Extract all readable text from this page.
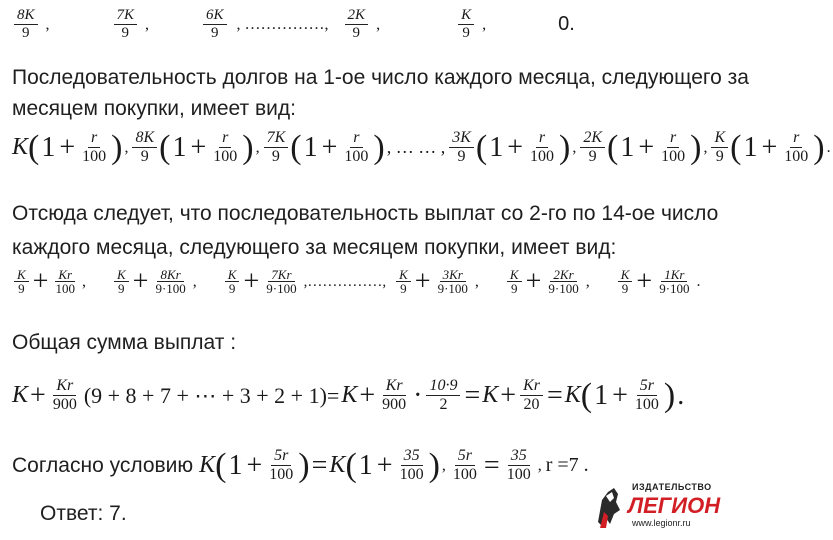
$\frac{8K}{9}$ ,	$\frac{7K}{9}$ ,	$\frac{6K}{9}$ , ……………, $\frac{2K}{9}$ ,	$\frac{K}{9}$ ,	0.
Последовательность долгов на 1-ое число каждого месяца, следующего за
месяцем покупки, имеет вид:
K ( $1 + \frac{r}{100}$ ) , $\frac{8K}{9}$ ( $1 + \frac{r}{100}$ ) , $\frac{7K}{9}$ ( $1 + \frac{r}{100}$ ) , … … , $\frac{3K}{9}$ ( $1 + \frac{r}{100}$ ) , $\frac{2K}{9}$ ( $1 + \frac{r}{100}$ ) , $\frac{K}{9}$ ( $1 + \frac{r}{100}$ ) .
Отсюда следует, что последовательность выплат со 2-го по 14-ое число
каждого месяца, следующего за месяцем покупки, имеет вид:
$\frac{K}{9} + \frac{Kr}{100}$ , $\frac{K}{9} + \frac{8Kr}{9\cdot 100}$ , $\frac{K}{9} + \frac{7Kr}{9\cdot 100}$ ,……………, $\frac{K}{9} + \frac{3Kr}{9\cdot 100}$ , $\frac{K}{9} + \frac{2Kr}{9\cdot 100}$ , $\frac{K}{9} + \frac{1Kr}{9\cdot 100}$ .
Общая сумма выплат :
$K + \frac{Kr}{900} (9 + 8 + 7$ + ⋯ + $3 + 2 + 1)= K + \frac{Kr}{900} \cdot \frac{10\cdot 9}{2} = K + \frac{Kr}{20} = K$ ( $1 + \frac{5r}{100}$ ) .
Согласно условию K ( $1 + \frac{5r}{100}$ ) = K ( $1 + \frac{35}{100}$ ) , $\frac{5r}{100} = \frac{35}{100}$ , r =7 .
Ответ: 7.
ИЗДАТЕЛЬСТВО
ЛЕГИОН
www.legionr.ru
